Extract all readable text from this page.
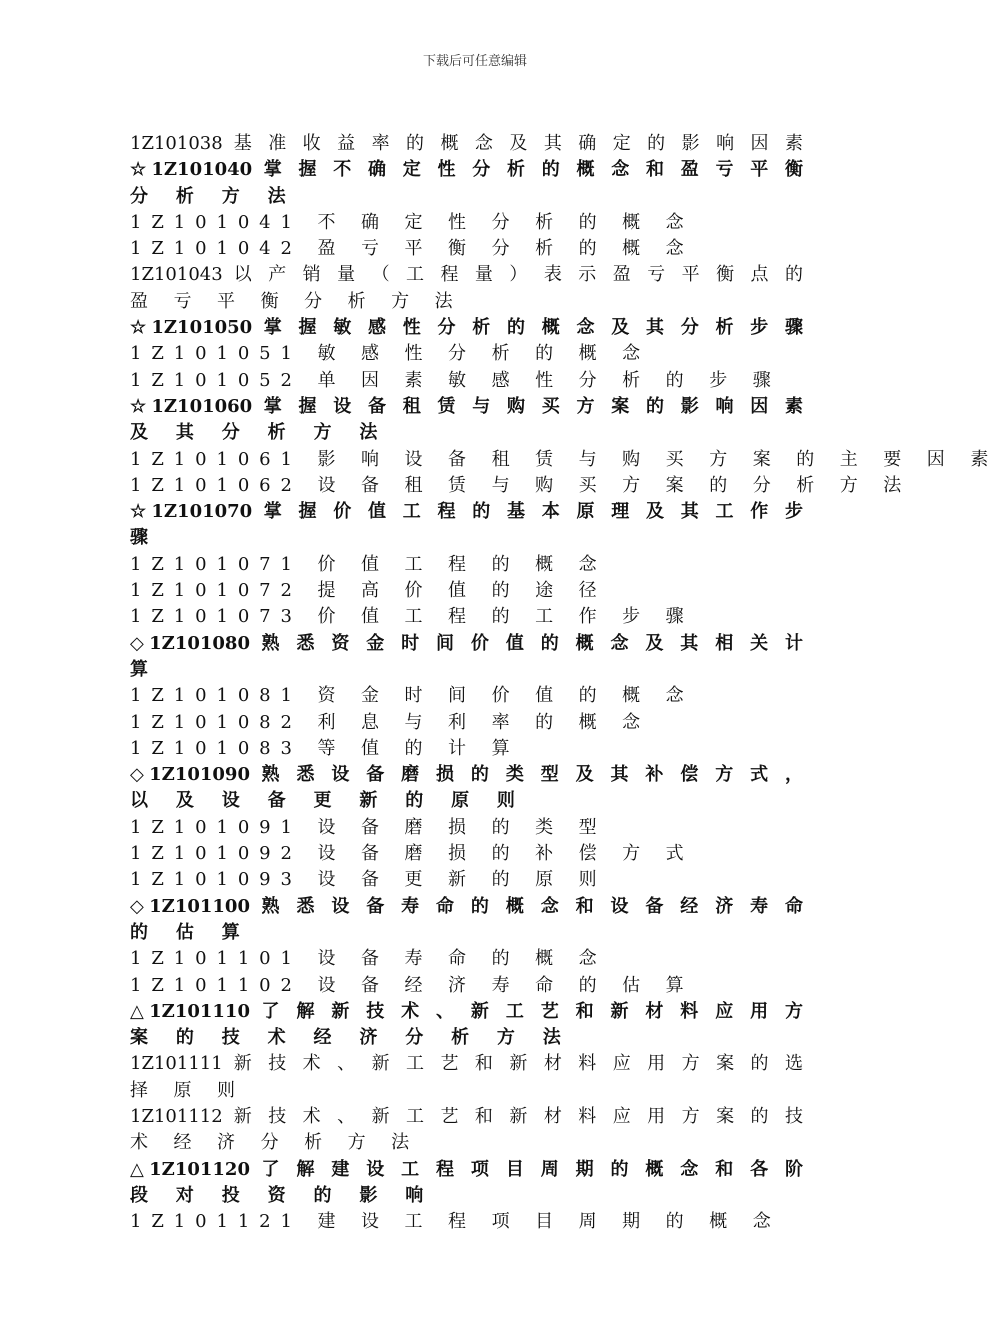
下载后可任意编辑
1Z101038 基 准 收 益 率 的 概 念 及 其 确 定 的 影 响 因 素
☆1Z101040 掌 握 不 确 定 性 分 析 的 概 念 和 盈 亏 平 衡
分 析 方 法
1Z101041 不 确 定 性 分 析 的 概 念
1Z101042 盈 亏 平 衡 分 析 的 概 念
1Z101043 以 产 销 量 （ 工 程 量 ） 表 示 盈 亏 平 衡 点 的
盈 亏 平 衡 分 析 方 法
☆1Z101050 掌 握 敏 感 性 分 析 的 概 念 及 其 分 析 步 骤
1Z101051 敏 感 性 分 析 的 概 念
1Z101052 单 因 素 敏 感 性 分 析 的 步 骤
☆1Z101060 掌 握 设 备 租 赁 与 购 买 方 案 的 影 响 因 素
及 其 分 析 方 法
1Z101061 影 响 设 备 租 赁 与 购 买 方 案 的 主 要 因 素
1Z101062 设 备 租 赁 与 购 买 方 案 的 分 析 方 法
☆1Z101070 掌 握 价 值 工 程 的 基 本 原 理 及 其 工 作 步
骤
1Z101071 价 值 工 程 的 概 念
1Z101072 提 高 价 值 的 途 径
1Z101073 价 值 工 程 的 工 作 步 骤
◇1Z101080 熟 悉 资 金 时 间 价 值 的 概 念 及 其 相 关 计
算
1Z101081 资 金 时 间 价 值 的 概 念
1Z101082 利 息 与 利 率 的 概 念
1Z101083 等 值 的 计 算
◇1Z101090 熟 悉 设 备 磨 损 的 类 型 及 其 补 偿 方 式 ，
以 及 设 备 更 新 的 原 则
1Z101091 设 备 磨 损 的 类 型
1Z101092 设 备 磨 损 的 补 偿 方 式
1Z101093 设 备 更 新 的 原 则
◇1Z101100 熟 悉 设 备 寿 命 的 概 念 和 设 备 经 济 寿 命
的 估 算
1Z101101 设 备 寿 命 的 概 念
1Z101102 设 备 经 济 寿 命 的 估 算
△1Z101110 了 解 新 技 术 、 新 工 艺 和 新 材 料 应 用 方
案 的 技 术 经 济 分 析 方 法
1Z101111 新 技 术 、 新 工 艺 和 新 材 料 应 用 方 案 的 选
择 原 则
1Z101112 新 技 术 、 新 工 艺 和 新 材 料 应 用 方 案 的 技
术 经 济 分 析 方 法
△1Z101120 了 解 建 设 工 程 项 目 周 期 的 概 念 和 各 阶
段 对 投 资 的 影 响
1Z101121 建 设 工 程 项 目 周 期 的 概 念
